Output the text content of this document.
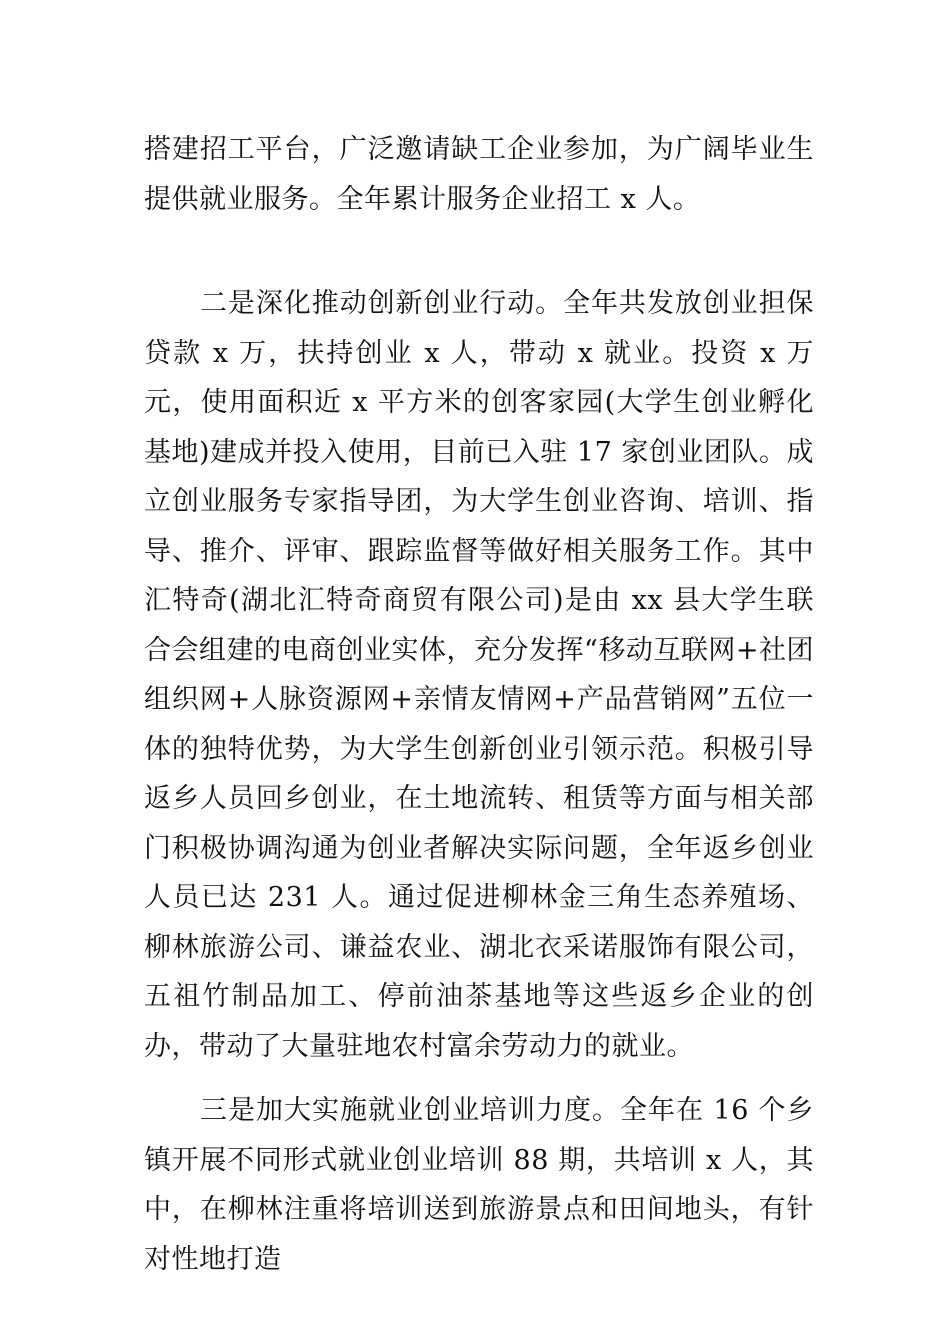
搭建招工平台，广泛邀请缺工企业参加，为广阔毕业生提供就业服务。全年累计服务企业招工 x 人。

二是深化推动创新创业行动。全年共发放创业担保贷款 x 万，扶持创业 x 人，带动 x 就业。投资 x 万元，使用面积近 x 平方米的创客家园(大学生创业孵化基地)建成并投入使用，目前已入驻 17 家创业团队。成立创业服务专家指导团，为大学生创业咨询、培训、指导、推介、评审、跟踪监督等做好相关服务工作。其中汇特奇(湖北汇特奇商贸有限公司)是由 xx 县大学生联合会组建的电商创业实体，充分发挥“移动互联网+社团组织网+人脉资源网+亲情友情网+产品营销网”五位一体的独特优势，为大学生创新创业引领示范。积极引导返乡人员回乡创业，在土地流转、租赁等方面与相关部门积极协调沟通为创业者解决实际问题，全年返乡创业人员已达 231 人。通过促进柳林金三角生态养殖场、柳林旅游公司、谦益农业、湖北衣采诺服饰有限公司，五祖竹制品加工、停前油茶基地等这些返乡企业的创办，带动了大量驻地农村富余劳动力的就业。

三是加大实施就业创业培训力度。全年在 16 个乡镇开展不同形式就业创业培训 88 期，共培训 x 人，其中，在柳林注重将培训送到旅游景点和田间地头，有针对性地打造
